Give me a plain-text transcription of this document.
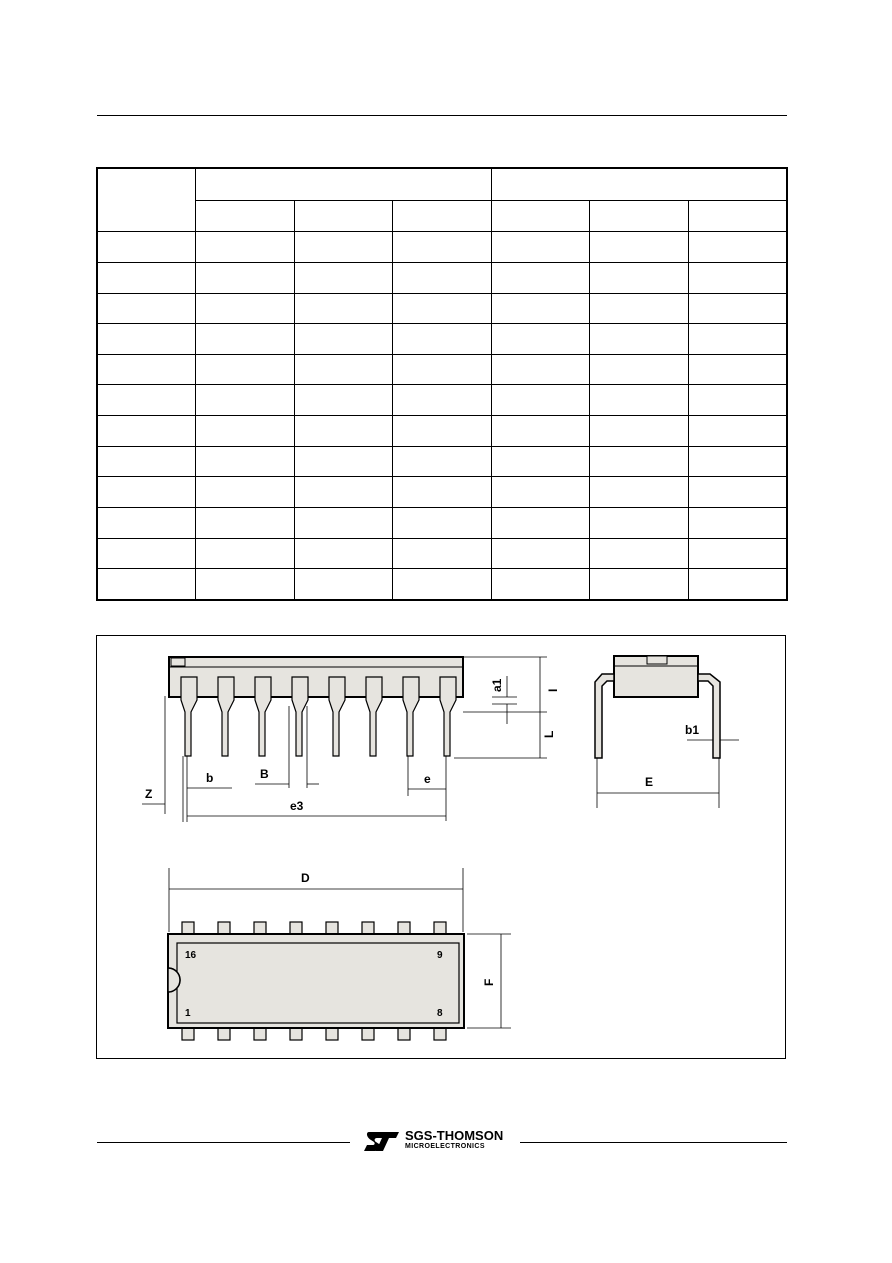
a1	I
L
Z
b	B	e
e3
E
b1
D
16	9
1	8
F
SGS-THOMSON
MICROELECTRONICS
